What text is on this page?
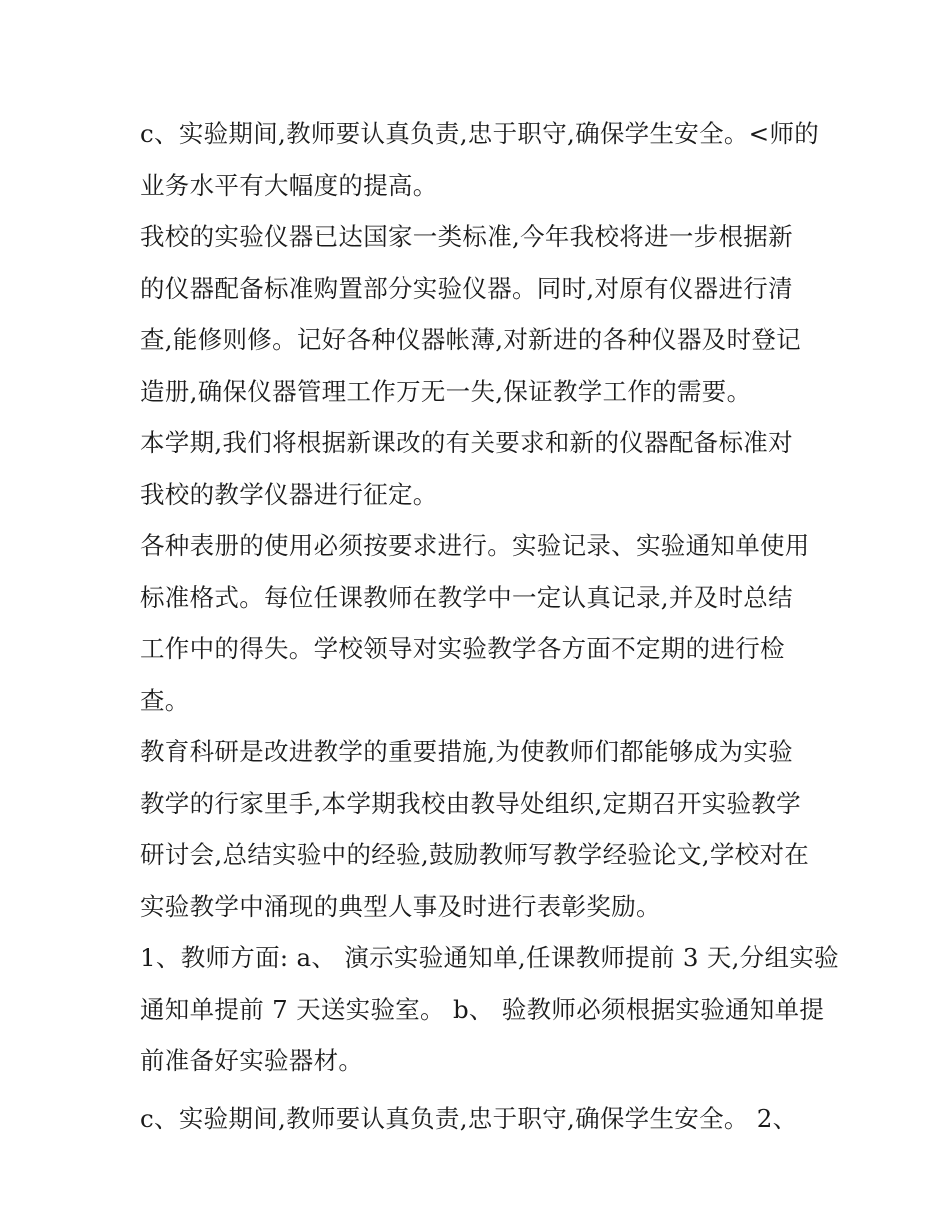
c、实验期间,教师要认真负责,忠于职守,确保学生安全。<师的
业务水平有大幅度的提高。
我校的实验仪器已达国家一类标准,今年我校将进一步根据新
的仪器配备标准购置部分实验仪器。同时,对原有仪器进行清
查,能修则修。记好各种仪器帐薄,对新进的各种仪器及时登记
造册,确保仪器管理工作万无一失,保证教学工作的需要。
本学期,我们将根据新课改的有关要求和新的仪器配备标准对
我校的教学仪器进行征定。
各种表册的使用必须按要求进行。实验记录、实验通知单使用
标准格式。每位任课教师在教学中一定认真记录,并及时总结
工作中的得失。学校领导对实验教学各方面不定期的进行检
查。
教育科研是改进教学的重要措施,为使教师们都能够成为实验
教学的行家里手,本学期我校由教导处组织,定期召开实验教学
研讨会,总结实验中的经验,鼓励教师写教学经验论文,学校对在
实验教学中涌现的典型人事及时进行表彰奖励。
1、教师方面: a、 演示实验通知单,任课教师提前 3 天,分组实验
通知单提前 7 天送实验室。 b、 验教师必须根据实验通知单提
前准备好实验器材。
c、实验期间,教师要认真负责,忠于职守,确保学生安全。 2、
